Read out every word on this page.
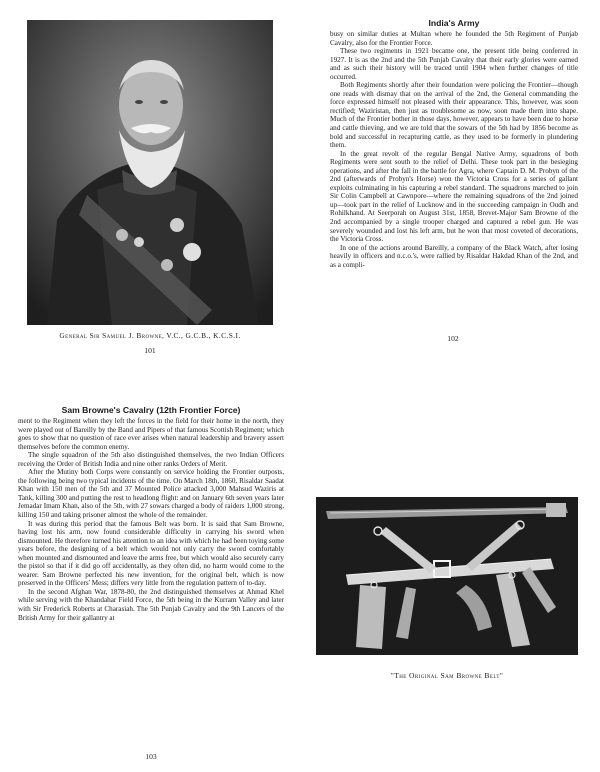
General Sir Samuel J. Browne, V.C., G.C.B., K.C.S.I.
101
India's Army

busy on similar duties at Multan where he founded the 5th Regiment of Punjab Cavalry, also for the Frontier Force.

These two regiments in 1921 became one, the present title being conferred in 1927. It is as the 2nd and the 5th Punjab Cavalry that their early glories were earned and as such their history will be traced until 1904 when further changes of title occurred.

Both Regiments shortly after their foundation were policing the Frontier—though one reads with dismay that on the arrival of the 2nd, the General commanding the force expressed himself not pleased with their appearance. This, however, was soon rectified; Waziristan, then just as troublesome as now, soon made them into shape. Much of the Frontier bother in those days, however, appears to have been due to horse and cattle thieving, and we are told that the sowars of the 5th had by 1856 become as bold and successful in recapturing cattle, as they used to be formerly in plundering them.

In the great revolt of the regular Bengal Native Army, squadrons of both Regiments were sent south to the relief of Delhi. These took part in the besieging operations, and after the fall in the battle for Agra, where Captain D. M. Probyn of the 2nd (afterwards of Probyn's Horse) won the Victoria Cross for a series of gallant exploits culminating in his capturing a rebel standard. The squadrons marched to join Sir Colin Campbell at Cawnpore—where the remaining squadrons of the 2nd joined up—took part in the relief of Lucknow and in the succeeding campaign in Oudh and Rohilkhand. At Seerporah on August 31st, 1858, Brevet-Major Sam Browne of the 2nd accompanied by a single trooper charged and captured a rebel gun. He was severely wounded and lost his left arm, but he won that most coveted of decorations, the Victoria Cross.

In one of the actions around Bareilly, a company of the Black Watch, after losing heavily in officers and n.c.o.'s, were rallied by Risaldar Hakdad Khan of the 2nd, and as a compli-

102
Sam Browne's Cavalry (12th Frontier Force)

ment to the Regiment when they left the forces in the field for their home in the north, they were played out of Bareilly by the Band and Pipers of that famous Scottish Regiment; which goes to show that no question of race ever arises when natural leadership and bravery assert themselves before the common enemy.

The single squadron of the 5th also distinguished themselves, the two Indian Officers receiving the Order of British India and nine other ranks Orders of Merit.

After the Mutiny both Corps were constantly on service holding the Frontier outposts, the following being two typical incidents of the time. On March 18th, 1860, Risaldar Saadat Khan with 150 men of the 5th and 37 Mounted Police attacked 3,000 Mahsud Waziris at Tank, killing 300 and putting the rest to headlong flight: and on January 6th seven years later Jemadar Imam Khan, also of the 5th, with 27 sowars charged a body of raiders 1,000 strong, killing 150 and taking prisoner almost the whole of the remainder.

It was during this period that the famous Belt was born. It is said that Sam Browne, having lost his arm, now found considerable difficulty in carrying his sword when dismounted. He therefore turned his attention to an idea with which he had been toying some years before, the designing of a belt which would not only carry the sword comfortably when mounted and dismounted and leave the arms free, but which would also securely carry the pistol so that if it did go off accidentally, as they often did, no harm would come to the wearer. Sam Browne perfected his new invention, for the original belt, which is now preserved in the Officers' Mess; differs very little from the regulation pattern of to-day.

In the second Afghan War, 1878-80, the 2nd distinguished themselves at Ahmad Khel while serving with the Khandahar Field Force, the 5th being in the Kurram Valley and later with Sir Frederick Roberts at Charasiah. The 5th Punjab Cavalry and the 9th Lancers of the British Army for their gallantry at

103
"The Original Sam Browne Belt"
